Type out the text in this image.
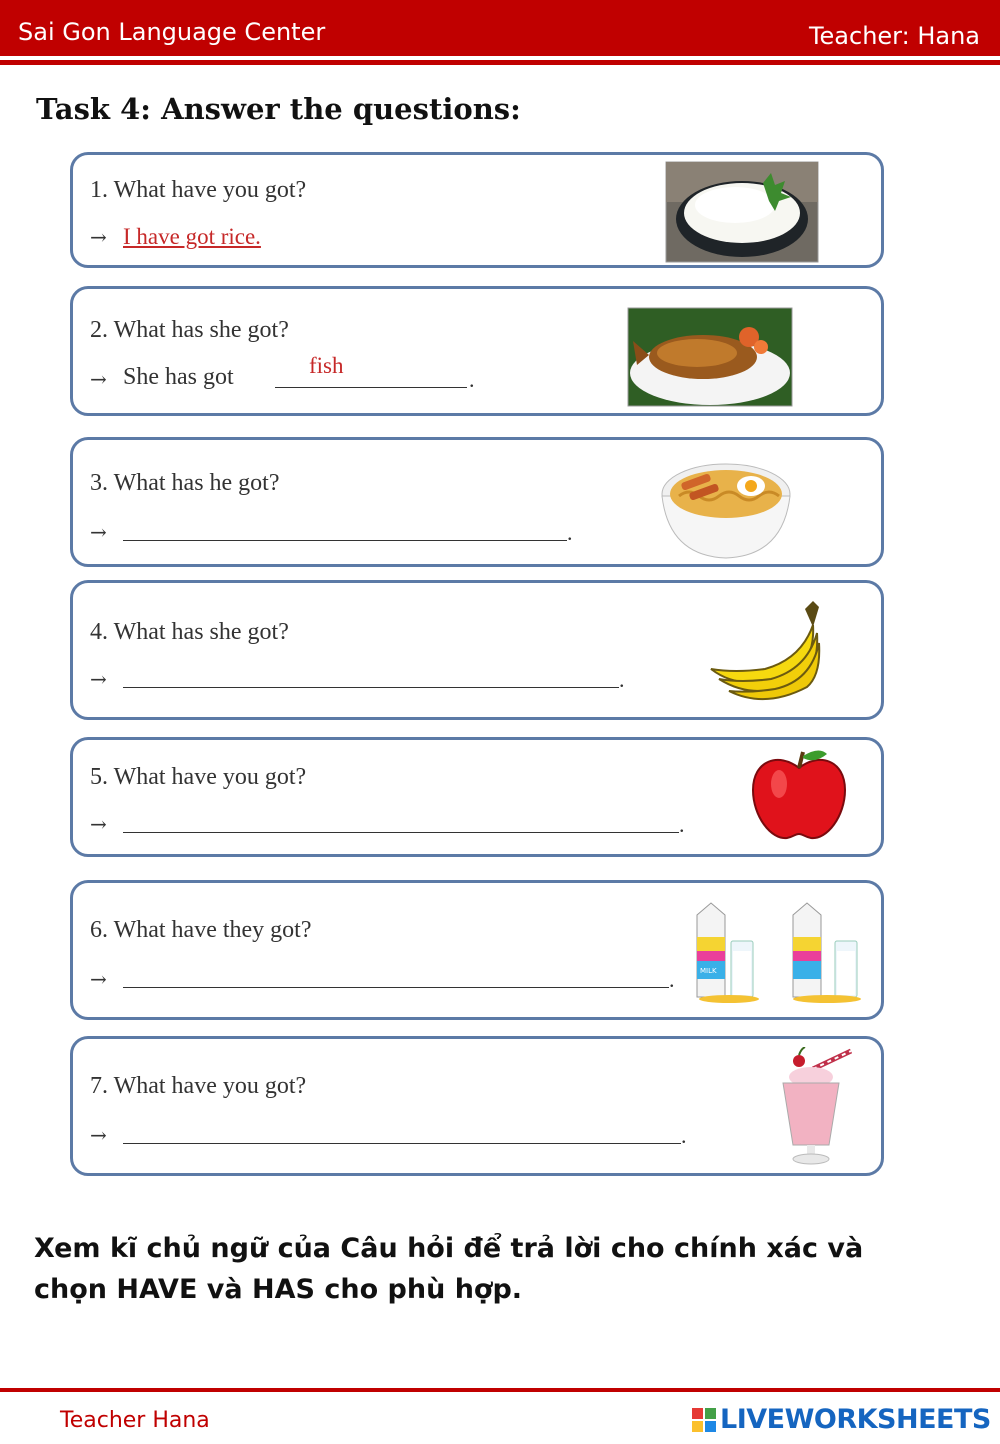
Sai Gon Language Center	Teacher: Hana
Task 4: Answer the questions:
1. What have you got?
→ I have got rice.
2. What has she got?
→ She has got	fish
.
3. What has he got?
→	.
4. What has she got?
→	.
5. What have you got?
→	.
6. What have they got?
→	.	MILK
7. What have you got?
→	.
Xem kĩ chủ ngữ của Câu hỏi để trả lời cho chính xác và
chọn HAVE và HAS cho phù hợp.
Teacher Hana	LIVEWORKSHEETS
